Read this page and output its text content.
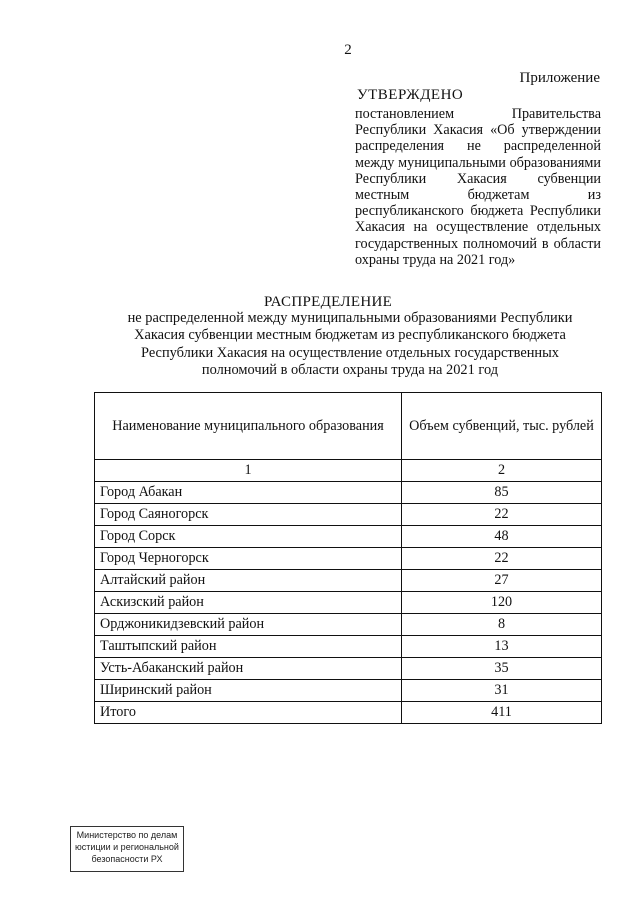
2
Приложение
УТВЕРЖДЕНО
постановлением Правительства Республики Хакасия «Об утверждении распределения не распределенной между муниципальными образованиями Республики Хакасия субвенции местным бюджетам из республиканского бюджета Республики Хакасия на осуществление отдельных государственных полномочий в области охраны труда на 2021 год»
РАСПРЕДЕЛЕНИЕ
не распределенной между муниципальными образованиями Республики Хакасия субвенции местным бюджетам из республиканского бюджета Республики Хакасия на осуществление отдельных государственных полномочий в области охраны труда на 2021 год
Наименование муниципального образования	Объем субвенций, тыс. рублей
1	2
Город Абакан	85
Город Саяногорск	22
Город Сорск	48
Город Черногорск	22
Алтайский район	27
Аскизский район	120
Орджоникидзевский район	8
Таштыпский район	13
Усть-Абаканский район	35
Ширинский район	31
Итого	411
Министерство по делам
юстиции и региональной
безопасности РХ
